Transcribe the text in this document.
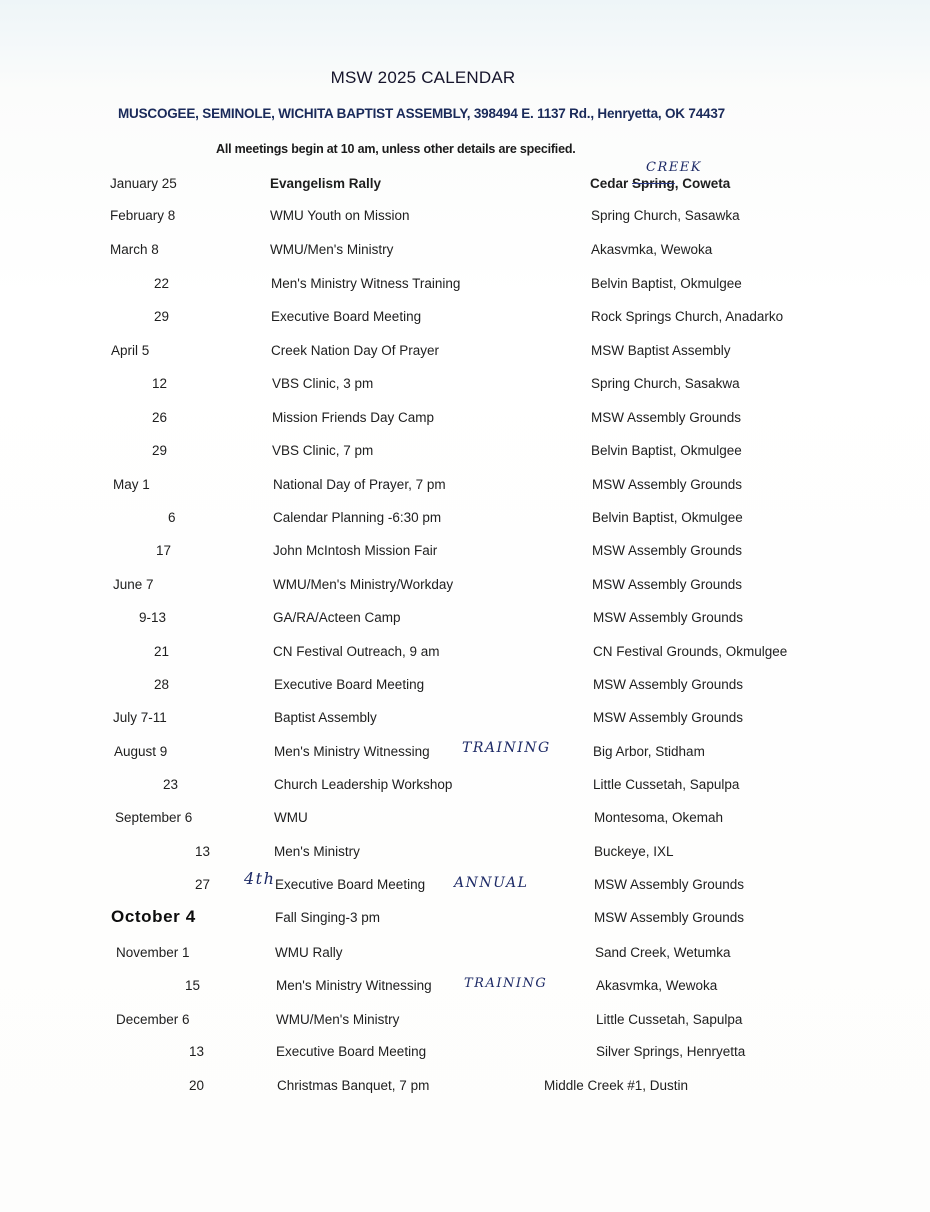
MSW 2025 CALENDAR
MUSCOGEE, SEMINOLE, WICHITA BAPTIST ASSEMBLY, 398494 E. 1137 Rd., Henryetta, OK 74437
All meetings begin at 10 am, unless other details are specified.
January 25	Evangelism Rally	Cedar Spring, Coweta
CREEK
February 8	WMU Youth on Mission	Spring Church, Sasawka
March 8	WMU/Men's Ministry	Akasvmka, Wewoka
22	Men's Ministry Witness Training	Belvin Baptist, Okmulgee
29	Executive Board Meeting	Rock Springs Church, Anadarko
April 5	Creek Nation Day Of Prayer	MSW Baptist Assembly
12	VBS Clinic, 3 pm	Spring Church, Sasakwa
26	Mission Friends Day Camp	MSW Assembly Grounds
29	VBS Clinic, 7 pm	Belvin Baptist, Okmulgee
May 1	National Day of Prayer, 7 pm	MSW Assembly Grounds
6	Calendar Planning -6:30 pm	Belvin Baptist, Okmulgee
17	John McIntosh Mission Fair	MSW Assembly Grounds
June 7	WMU/Men's Ministry/Workday	MSW Assembly Grounds
9-13	GA/RA/Acteen Camp	MSW Assembly Grounds
21	CN Festival Outreach, 9 am	CN Festival Grounds, Okmulgee
28	Executive Board Meeting	MSW Assembly Grounds
July 7-11	Baptist Assembly	MSW Assembly Grounds
August 9	Men's Ministry Witnessing TRAINING	Big Arbor, Stidham
23	Church Leadership Workshop	Little Cussetah, Sapulpa
September 6	WMU	Montesoma, Okemah
13	Men's Ministry	Buckeye, IXL
27 4th Executive Board Meeting ANNUAL	MSW Assembly Grounds
October 4	Fall Singing-3 pm	MSW Assembly Grounds
November 1	WMU Rally	Sand Creek, Wetumka
15	Men's Ministry Witnessing TRAINING	Akasvmka, Wewoka
December 6	WMU/Men's Ministry	Little Cussetah, Sapulpa
13	Executive Board Meeting	Silver Springs, Henryetta
20	Christmas Banquet, 7 pm	Middle Creek #1, Dustin
